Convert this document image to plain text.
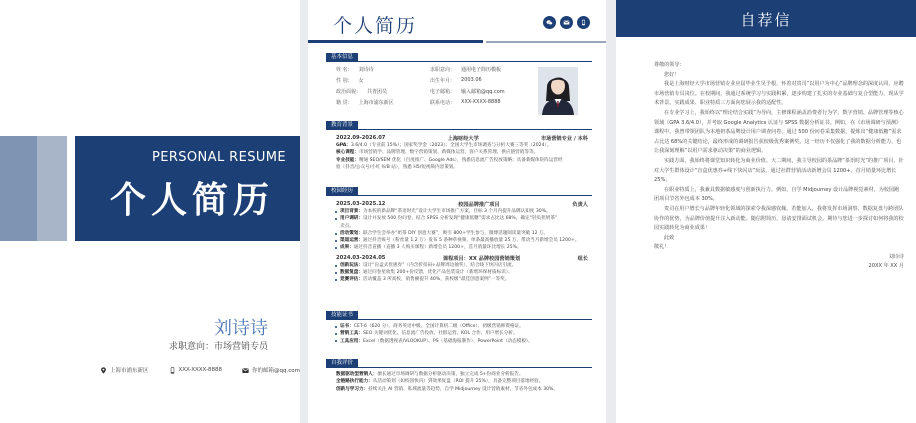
PERSONAL RESUME
个人简历
刘诗诗
求职意向：市场营销专员
上海市浦东新区	XXX-XXXX-8888	你的邮箱@qq.com
个人简历
基本信息
姓 名： 刘诗诗	求职意向： 通用电子简历模板
性 别： 女	出生年月： 2003.06
政治面貌： 共青团员	电子邮箱： 输入邮箱@qq.com
籍 贯： 上海市浦东新区	联系电话： XXX-XXXX-8888
教育背景
2022.09-2026.07	上海财经大学	市场营销专业 / 本科
GPA：3.6/4.0（专业前 15%）；国家奖学金（2023）；全国大学生市场调查与分析大赛三等奖（2024）。
核心课程：市场营销学、品牌管理、数字营销策划、新媒体运营、客户关系管理、供应链营销等等。
专业技能：精通 SEO/SEM 优化（百度推广、Google Ads），熟悉信息流广告投放策略；具备新媒体矩阵运营经
验（抖音/公众号/小红书/B 站），熟悉 H5/短视频内容策划。
校园经历
2025.03-2025.12	校园品牌推广项目	负责人
项目背景：为本校的新品牌“茶语时光”设计大学生市场推广方案，目标 3 个月内提升品牌认知度 30%。
用户调研：设计并发放 500 份问卷，结合 SPSS 分析发现“健康低糖”需求占比达 68%，确定“轻负担奶茶”
卖点。
活动策划：联合学生会举办“奶茶 DIY 创意大赛”，吸引 800+学生参与，微博话题阅读量突破 12 万。
渠道运营：通过抖音账号（粉丝量 1.2 万）发布 5 条种草视频，单条最高播放量 25 万，带动当月新增会员 1200+。
成果：通过抖音直播（直播 3 人购买课程）新增会员 1200+，首月销量环比增长 25%。
2024.03-2024.05	课程项目：XX 品牌校园营销策划	组长
创新玩法：设计“盲盒式优惠券”（内含折扣码+品牌周边抽奖），结合线下快闪店引流。
数据复盘：通过问卷星收集 200+份反馈，优化产品包装设计（新增环保材质标识）。
竞赛评估：活动覆盖 3 所高校，销售额提升 40%，获校级“最佳创意案例”一等奖。
技能证书
证书：CET-6（620 分）、商务英语中级、全国计算机二级（Office）、初级营销师资格证。
营销工具：SEO 关键词优化、信息流广告投放、社群运营、KOL 合作、用户增长分析。
工具应用：Excel（数据透视表/VLOOKUP）、PS（基础海报制作）、PowerPoint（动态模板）。
自我评价
数据驱动型营销人：擅长通过市场调研与数据分析驱动决策，独立完成 5+份商业分析报告。
全链路执行能力：从活动策划（如校园快闪）到效果复盘（ROI 提升 25%），具备完整项目落地经验。
创新与学习力：持续关注 AI 营销、私域流量等趋势，自学 Midjourney 设计营销素材，节省外包成本 30%。
自荐信

尊敬的领导：

您好！

我是上海财经大学市场营销专业应届毕业生吴予根，怀着对贵司“以用户为中心”品牌理念的深度认同，应聘市场营销专员岗位。在校期间，我通过系统学习与实践积累，逐步构建了扎实的专业基础与复合型能力，现从学术背景、实践成果、职业特质三方面向您展示我的适配性。

在专业学习上，我始终以“理论结合实践”为导向，主修课程涵盖消费者行为学、数字营销、品牌管理等核心领域（GPA 3.6/4.0），并考取 Google Analytics 认证与 SPSS 数据分析证书。例如，在《市场调研与预测》课程中，我曾带领团队为本地奶茶品牌设计用户调查问卷，通过 500 份问卷采集数据，提炼出“健康低糖”需求占比达 68%的关键结论，最终形成的调研报告获校级优秀案例奖。这一经历不仅强化了我的数据分析能力，也让我深刻理解“以用户需求驱动决策”的商业逻辑。

实践方面，我始终将课堂知识转化为商业价值。大二期间，我主导校园的茶品牌“茶语时光”的推广项目，针对大学生群体设计“盲盒优惠券+线下快闪店”玩法，通过社群营销活动新增会员 1200+，首月销量环比增长 25%。

在职业特质上，我兼具数据敏感度与创新执行力。例如，自学 Midjourney 设计品牌视觉素材，为校园跑团项目节省外包成本 30%。

贵司在用户增长与品牌年轻化领域的探索令我深感钦佩。若能加入，我将发挥市场洞察、数据复盘与跨团队协作的优势，为品牌价值提升注入新动能。随信附简历，恳请安排面试机会。期待与您进一步探讨如何将我的校园实践转化为商业成果！

此致

敬礼！

刘诗诗

20XX 年 XX 月
